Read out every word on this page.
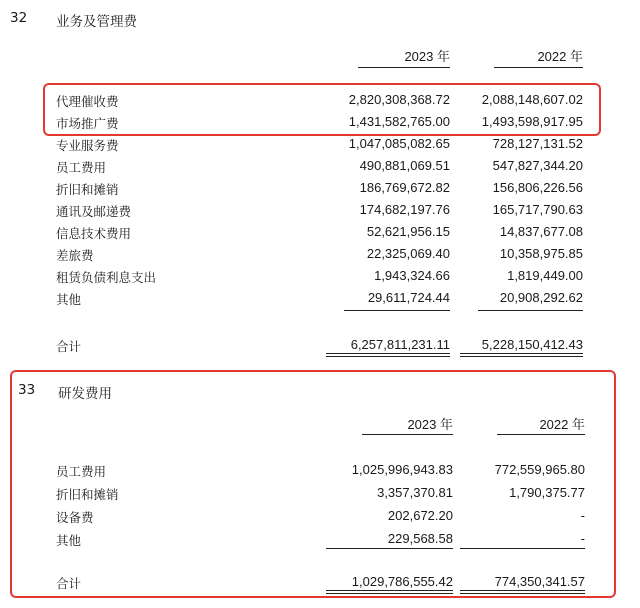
32 业务及管理费
2023 年	2022 年
代理催收费	2,820,308,368.72 2,088,148,607.02
市场推广费	1,431,582,765.00 1,493,598,917.95
专业服务费	1,047,085,082.65	728,127,131.52
员工费用	490,881,069.51	547,827,344.20
折旧和摊销	186,769,672.82	156,806,226.56
通讯及邮递费	174,682,197.76	165,717,790.63
信息技术费用	52,621,956.15	14,837,677.08
差旅费	22,325,069.40	10,358,975.85
租赁负债利息支出	1,943,324.66	1,819,449.00
其他	29,611,724.44	20,908,292.62
合计	6,257,811,231.11 5,228,150,412.43
33 研发费用
2023 年	2022 年
员工费用	1,025,996,943.83	772,559,965.80
折旧和摊销	3,357,370.81	1,790,375.77
设备费	202,672.20	-
其他	229,568.58	-
合计	1,029,786,555.42	774,350,341.57
